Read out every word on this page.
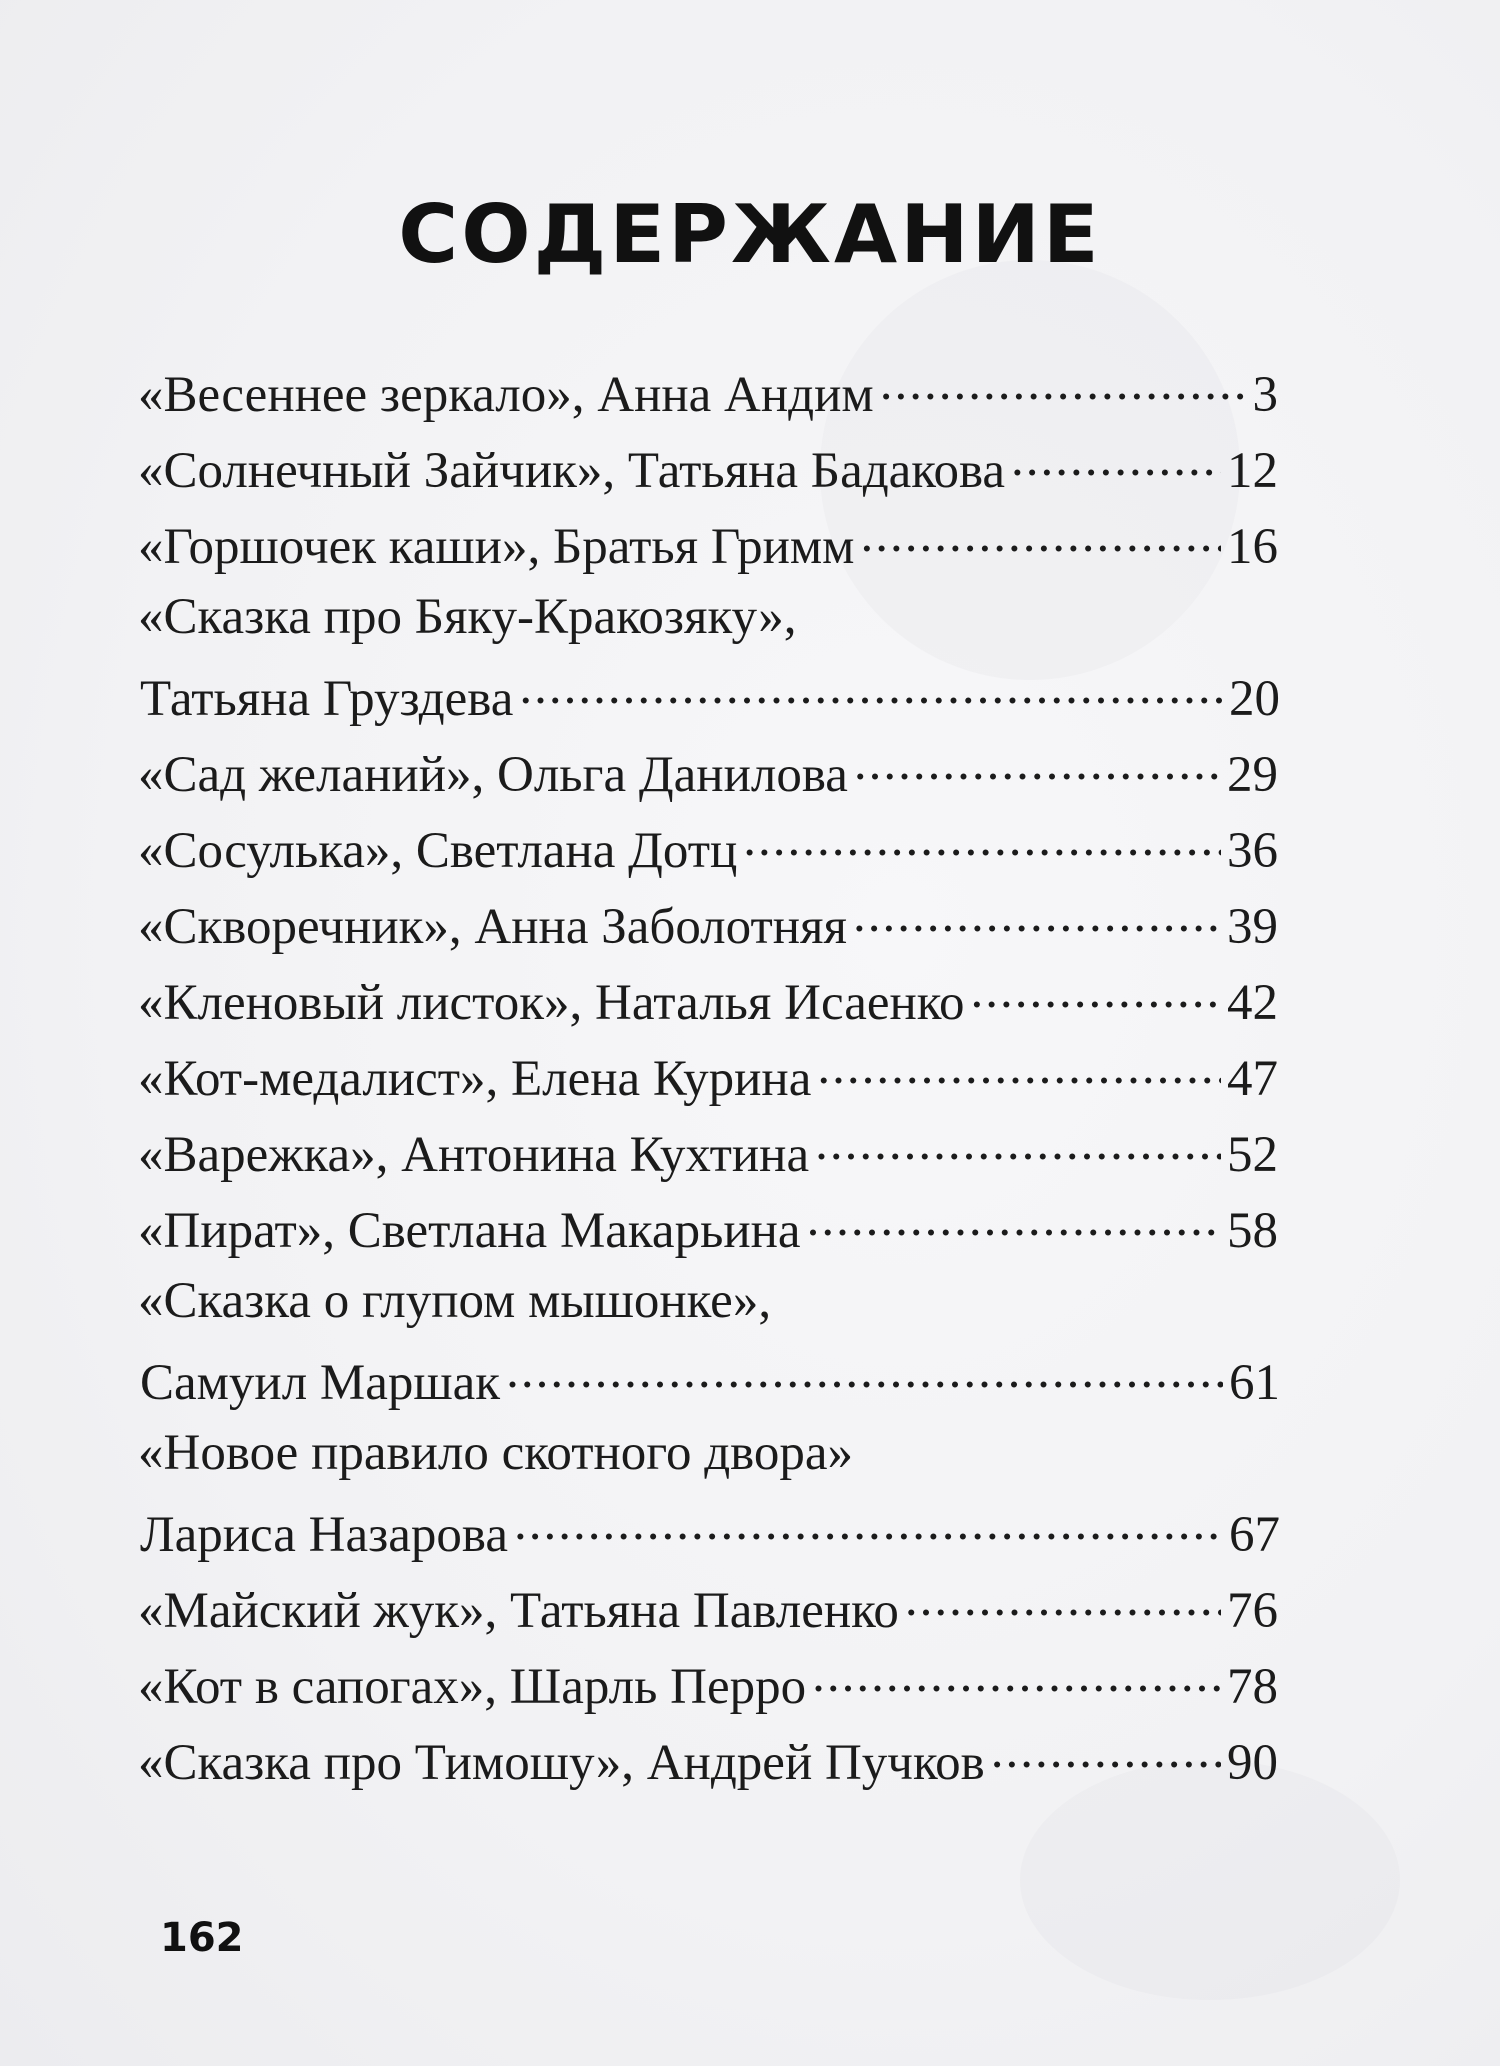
СОДЕРЖАНИЕ
«Весеннее зеркало», Анна Андим .....	3
«Солнечный Зайчик», Татьяна Бадакова .....	12
«Горшочек каши», Братья Гримм .....	16
«Сказка про Бяку-Кракозяку»,
Татьяна Груздева .....	20
«Сад желаний», Ольга Данилова .....	29
«Сосулька», Светлана Дотц .....	36
«Скворечник», Анна Заболотняя .....	39
«Кленовый листок», Наталья Исаенко .....	42
«Кот-медалист», Елена Курина .....	47
«Варежка», Антонина Кухтина .....	52
«Пират», Светлана Макарьина .....	58
«Сказка о глупом мышонке»,
Самуил Маршак .....	61
«Новое правило скотного двора»
Лариса Назарова .....	67
«Майский жук», Татьяна Павленко .....	76
«Кот в сапогах», Шарль Перро .....	78
«Сказка про Тимошу», Андрей Пучков .....	90
162
